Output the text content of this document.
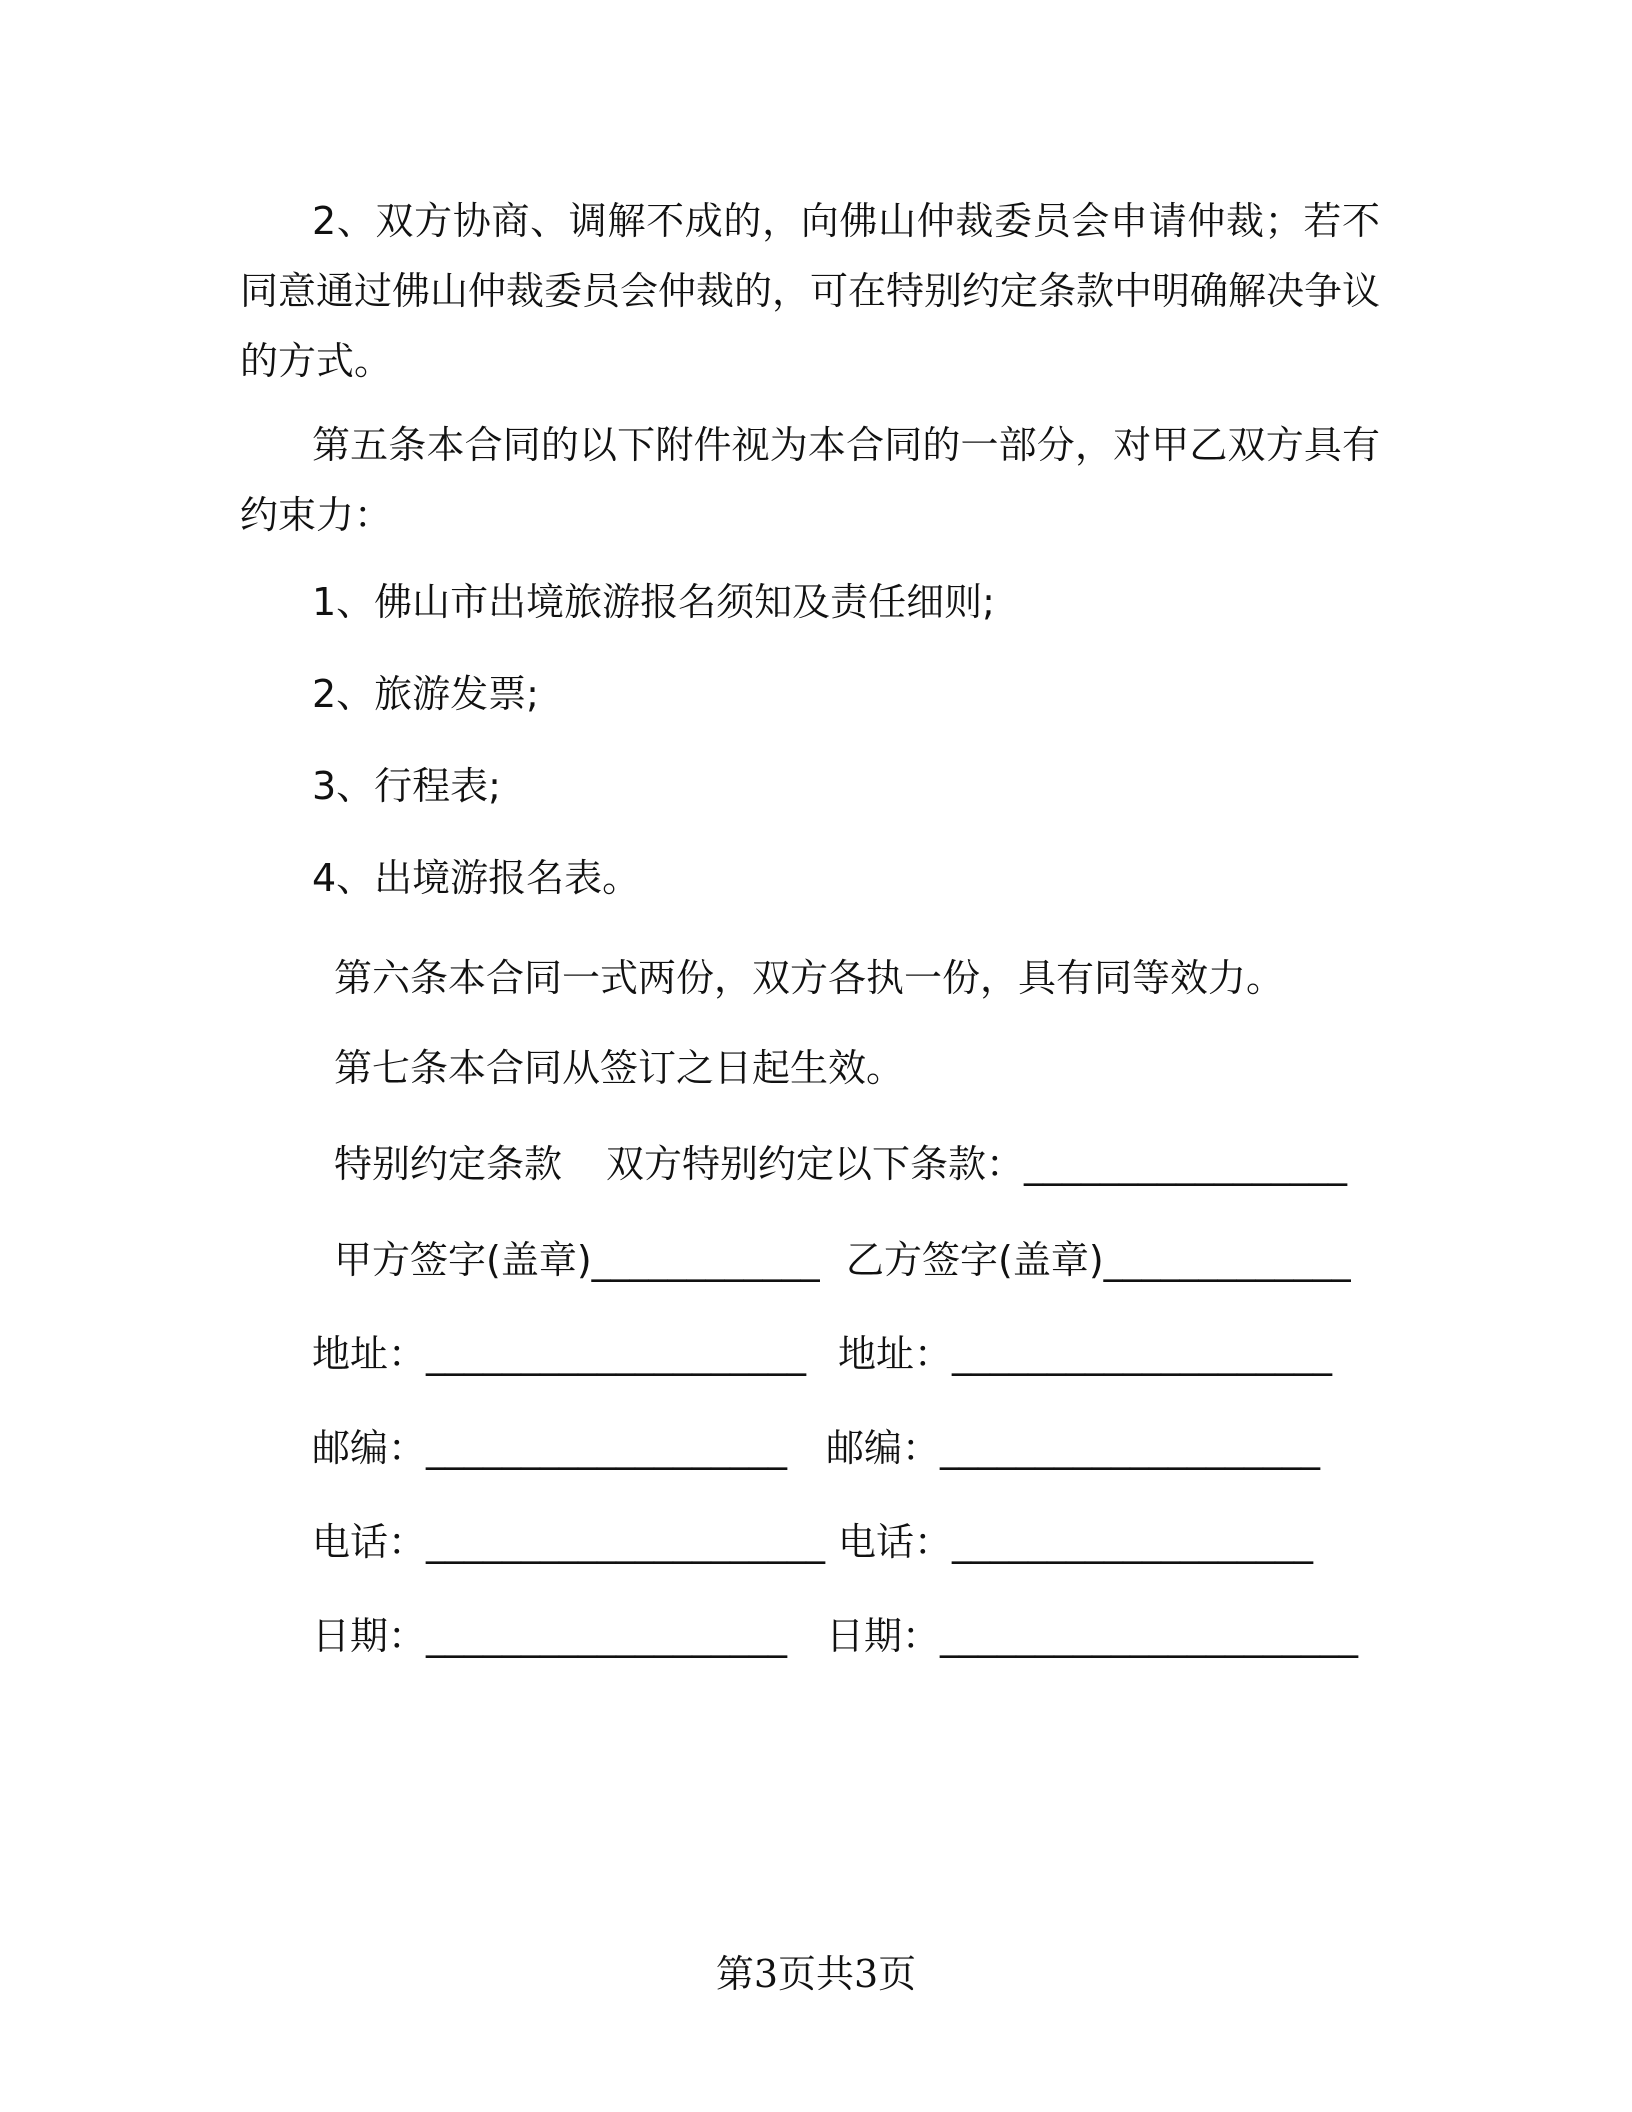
2、双方协商、调解不成的，向佛山仲裁委员会申请仲裁；若不同意通过佛山仲裁委员会仲裁的，可在特别约定条款中明确解决争议的方式。
第五条本合同的以下附件视为本合同的一部分，对甲乙双方具有约束力：
1、佛山市出境旅游报名须知及责任细则;
2、旅游发票;
3、行程表;
4、出境游报名表。
第六条本合同一式两份，双方各执一份，具有同等效力。
第七条本合同从签订之日起生效。
特别约定条款 双方特别约定以下条款：_________________
甲方签字(盖章)____________ 乙方签字(盖章)_____________
地址：____________________ 地址：____________________
邮编：___________________ 邮编：____________________
电话：_____________________ 电话：___________________
日期：___________________ 日期：______________________
第3页共3页
